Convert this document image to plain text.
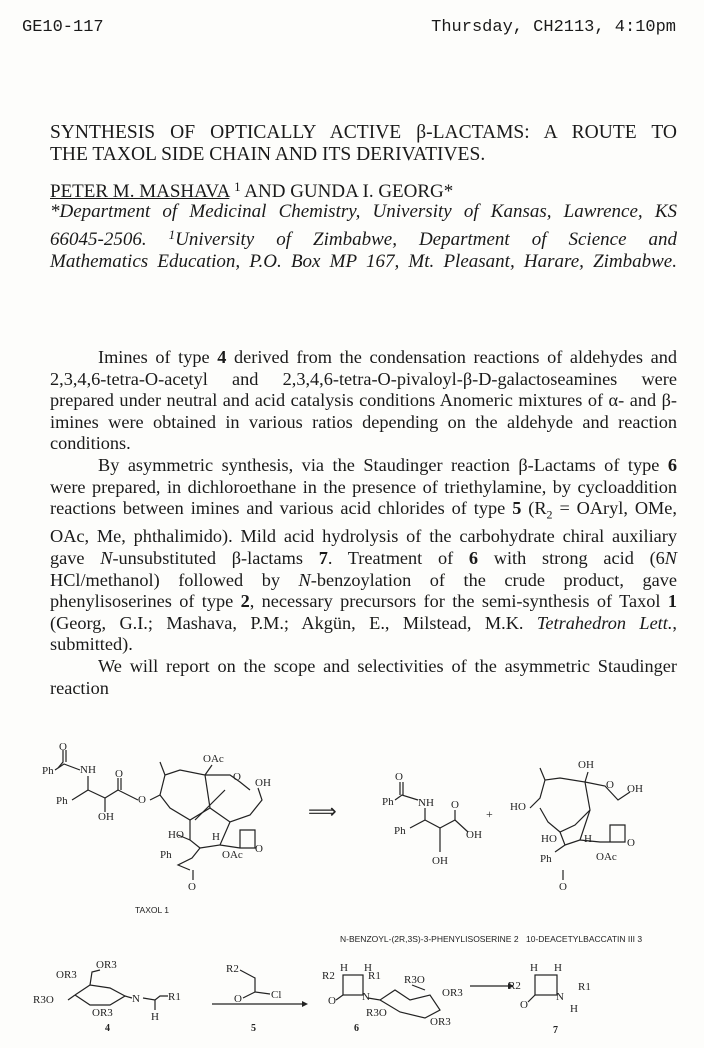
GE10-117	Thursday, CH2113, 4:10pm
SYNTHESIS OF OPTICALLY ACTIVE β-LACTAMS: A ROUTE TO
THE TAXOL SIDE CHAIN AND ITS DERIVATIVES.
PETER M. MASHAVA $^1$ AND GUNDA I. GEORG*
*Department of Medicinal Chemistry, University of Kansas, Lawrence, KS
66045-2506. $^1$University of Zimbabwe, Department of Science and
Mathematics Education, P.O. Box MP 167, Mt. Pleasant, Harare, Zimbabwe.

Imines of type 4 derived from the condensation reactions of aldehydes and 2,3,4,6-tetra-O-acetyl and 2,3,4,6-tetra-O-pivaloyl-β-D-galactoseamines were prepared under neutral and acid catalysis conditions Anomeric mixtures of α- and β-imines were obtained in various ratios depending on the aldehyde and reaction conditions.

By asymmetric synthesis, via the Staudinger reaction β-Lactams of type 6 were prepared, in dichloroethane in the presence of triethylamine, by cycloaddition reactions between imines and various acid chlorides of type 5 ($R_2$ = OAryl, OMe, OAc, Me, phthalimido). Mild acid hydrolysis of the carbohydrate chiral auxiliary gave N-unsubstituted β-lactams 7. Treatment of 6 with strong acid (6N HCl/methanol) followed by N-benzoylation of the crude product, gave phenylisoserines of type 2, necessary precursors for the semi-synthesis of Taxol 1 (Georg, G.I.; Mashava, P.M.; Akgün, E., Milstead, M.K. Tetrahedron Lett., submitted).

We will report on the scope and selectivities of the asymmetric Staudinger reaction

O
Ph NH
Ph
OH
O
O
OAc
O OH
HO	H
Ph	OAc O
O
O
Ph NH O
Ph	OH
OH
OH
O OH
HO
HO H
Ph	OAc
O
O
OR3
OR3
R3O	N	R1
OR3	H
R2
O	Cl
H H
R2	R1
O N
R3O
OR3
R3O
OR3
H H
R2	R1
O
N
H
⟹	+
TAXOL 1
N-BENZOYL-(2R,3S)-3-PHENYLISOSERINE 2 10-DEACETYLBACCATIN III 3
4	5	6	7
